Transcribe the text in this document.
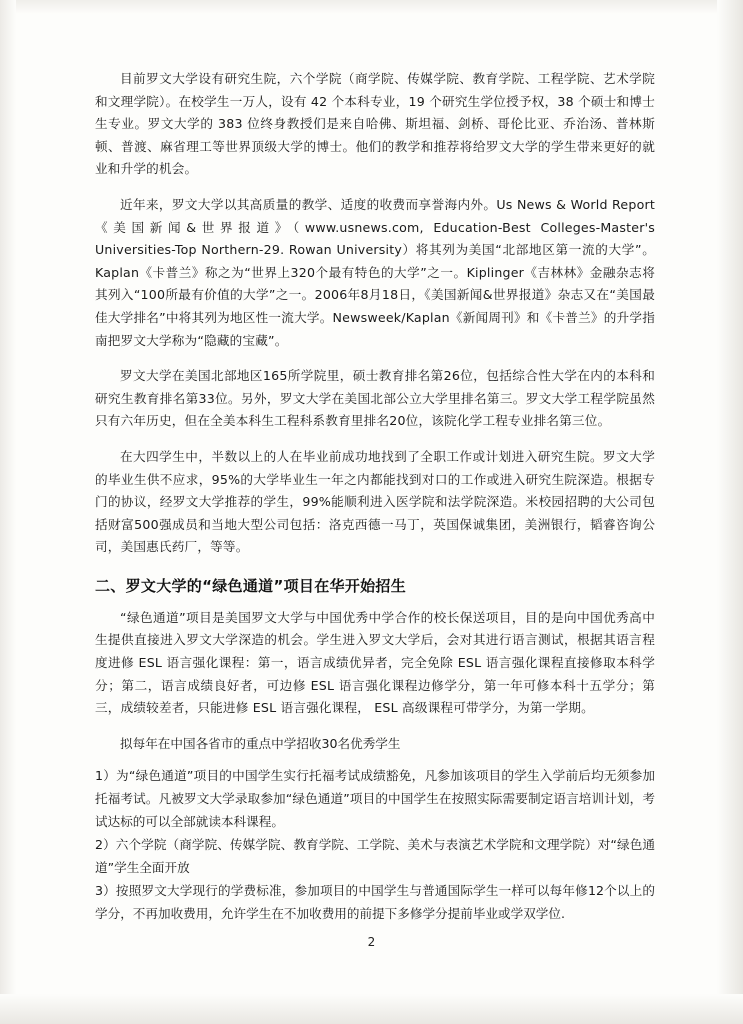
目前罗文大学设有研究生院，六个学院（商学院、传媒学院、教育学院、工程学院、艺术学院和文理学院）。在校学生一万人，设有 42 个本科专业，19 个研究生学位授予权，38 个硕士和博士生专业。罗文大学的 383 位终身教授们是来自哈佛、斯坦福、剑桥、哥伦比亚、乔治汤、普林斯顿、普渡、麻省理工等世界顶级大学的博士。他们的教学和推荐将给罗文大学的学生带来更好的就业和升学的机会。

近年来，罗文大学以其高质量的教学、适度的收费而享誉海内外。Us News & World Report《美国新闻&世界报道》（www.usnews.com, Education-Best Colleges-Master's Universities-Top Northern-29. Rowan University）将其列为美国“北部地区第一流的大学”。Kaplan《卡普兰》称之为“世界上320个最有特色的大学”之一。Kiplinger《吉林林》金融杂志将其列入“100所最有价值的大学”之一。2006年8月18日，《美国新闻&世界报道》杂志又在“美国最佳大学排名”中将其列为地区性一流大学。Newsweek/Kaplan《新闻周刊》和《卡普兰》的升学指南把罗文大学称为“隐藏的宝藏”。

罗文大学在美国北部地区165所学院里，硕士教育排名第26位，包括综合性大学在内的本科和研究生教育排名第33位。另外，罗文大学在美国北部公立大学里排名第三。罗文大学工程学院虽然只有六年历史，但在全美本科生工程科系教育里排名20位，该院化学工程专业排名第三位。

在大四学生中，半数以上的人在毕业前成功地找到了全职工作或计划进入研究生院。罗文大学的毕业生供不应求，95%的大学毕业生一年之内都能找到对口的工作或进入研究生院深造。根据专门的协议，经罗文大学推荐的学生，99%能顺利进入医学院和法学院深造。米校园招聘的大公司包括财富500强成员和当地大型公司包括：洛克西德一马丁，英国保诚集团，美洲银行，韬睿咨询公司，美国惠氏药厂，等等。

二、罗文大学的“绿色通道”项目在华开始招生

“绿色通道”项目是美国罗文大学与中国优秀中学合作的校长保送项目，目的是向中国优秀高中生提供直接进入罗文大学深造的机会。学生进入罗文大学后，会对其进行语言测试，根据其语言程度进修 ESL 语言强化课程：第一，语言成绩优异者，完全免除 ESL 语言强化课程直接修取本科学分；第二，语言成绩良好者，可边修 ESL 语言强化课程边修学分，第一年可修本科十五学分；第三，成绩较差者，只能进修 ESL 语言强化课程， ESL 高级课程可带学分，为第一学期。

拟每年在中国各省市的重点中学招收30名优秀学生

1）为“绿色通道”项目的中国学生实行托福考试成绩豁免，凡参加该项目的学生入学前后均无须参加托福考试。凡被罗文大学录取参加“绿色通道”项目的中国学生在按照实际需要制定语言培训计划，考试达标的可以全部就读本科课程。
2）六个学院（商学院、传媒学院、教育学院、工学院、美术与表演艺术学院和文理学院）对“绿色通道”学生全面开放
3）按照罗文大学现行的学费标准，参加项目的中国学生与普通国际学生一样可以每年修12个以上的学分，不再加收费用，允许学生在不加收费用的前提下多修学分提前毕业或学双学位.
2
